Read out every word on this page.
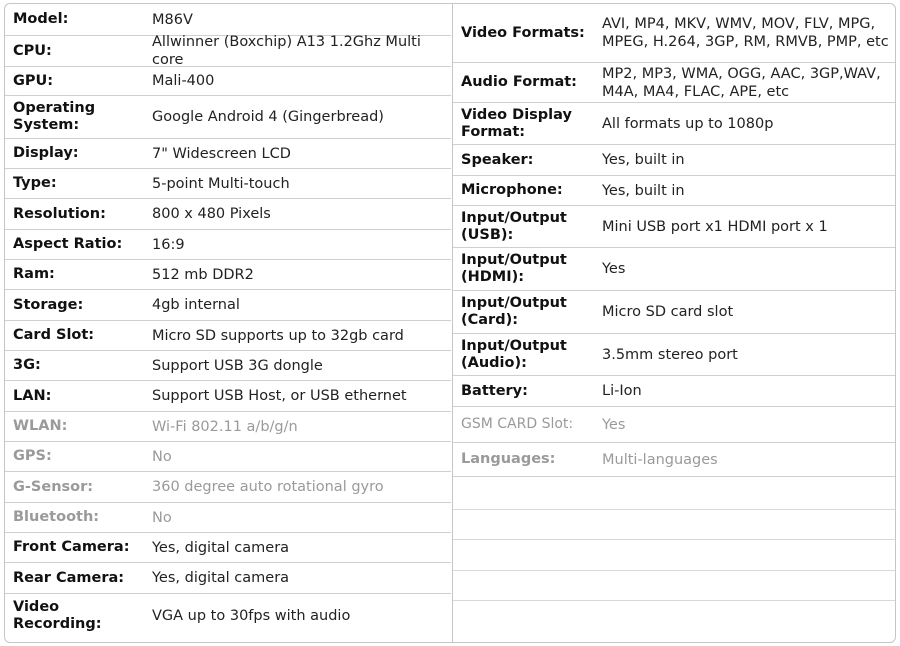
Model:	M86V
CPU:
Allwinner (Boxchip) A13 1.2Ghz Multi core
GPU:	Mali-400
Operating System:	Google Android 4 (Gingerbread)
Display:	7" Widescreen LCD
Type:	5-point Multi-touch
Resolution:	800 x 480 Pixels
Aspect Ratio: 16:9
Ram:	512 mb DDR2
Storage:	4gb internal
Card Slot:	Micro SD supports up to 32gb card
3G:	Support USB 3G dongle
LAN:	Support USB Host, or USB ethernet
WLAN:	Wi-Fi 802.11 a/b/g/n
GPS:	No
G-Sensor:	360 degree auto rotational gyro
Bluetooth:	No
Front Camera: Yes, digital camera
Rear Camera: Yes, digital camera
Video Recording:	VGA up to 30fps with audio
Video Formats:
AVI, MP4, MKV, WMV, MOV, FLV, MPG, MPEG, H.264, 3GP, RM, RMVB, PMP, etc
Audio Format:
MP2, MP3, WMA, OGG, AAC, 3GP,WAV, M4A, MA4, FLAC, APE, etc
Video Display Format:	All formats up to 1080p
Speaker:	Yes, built in
Microphone:	Yes, built in
Input/Output (USB):	Mini USB port x1 HDMI port x 1
Input/Output (HDMI):	Yes
Input/Output (Card):	Micro SD card slot
Input/Output (Audio):	3.5mm stereo port
Battery:	Li-Ion
GSM CARD Slot: Yes
Languages:	Multi-languages
